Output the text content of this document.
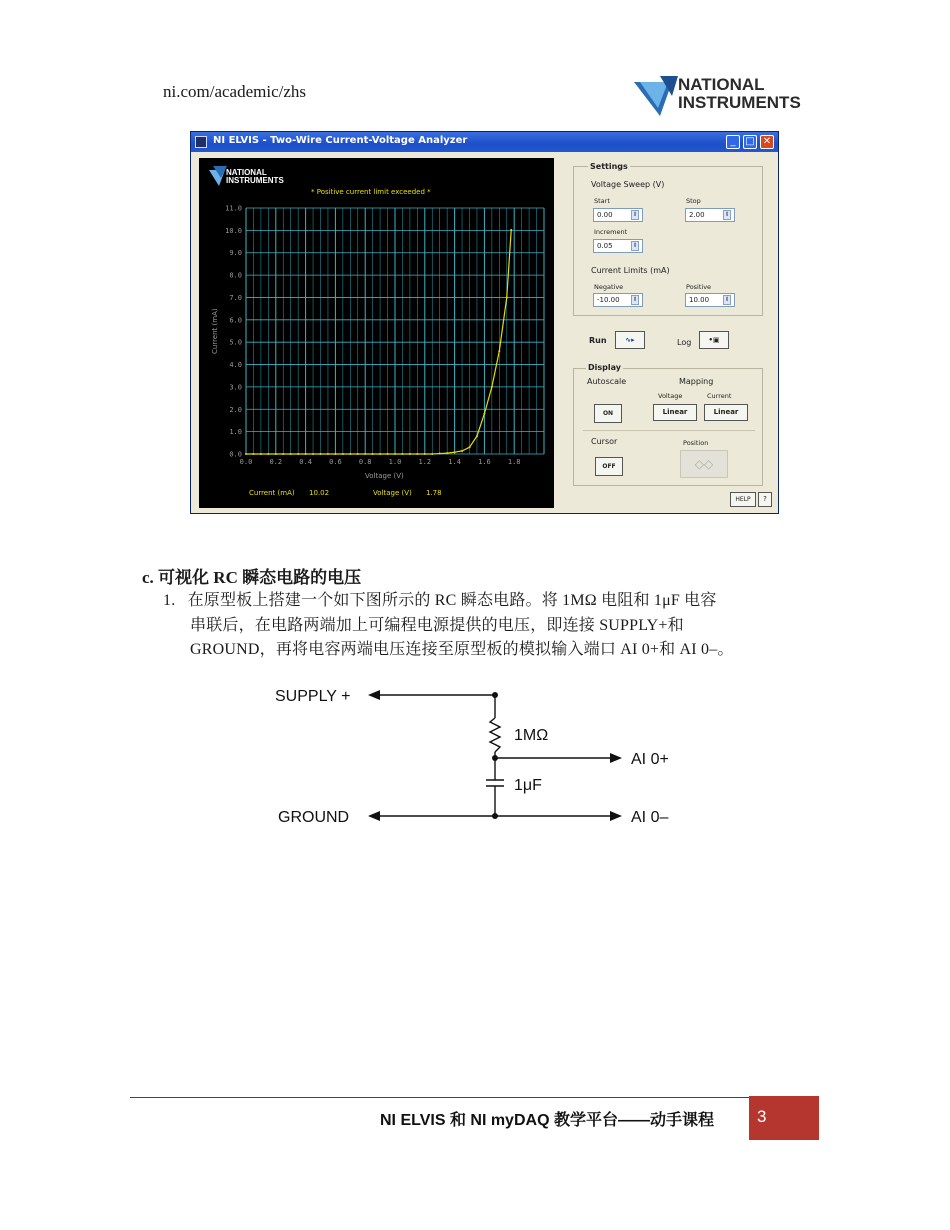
ni.com/academic/zhs	NATIONAL
INSTRUMENTS
NI ELVIS - Two-Wire Current-Voltage Analyzer	_ □ ✕
NATIONAL
INSTRUMENTS
* Positive current limit exceeded *
0.0
1.0
2.0
3.0
4.0
5.0
6.0
7.0
8.0
9.0
10.0
11.0
0.0 0.2 0.4 0.6 0.8 1.0 1.2 1.4 1.6 1.8
Voltage (V)
Current (mA)
Current (mA) 10.02	Voltage (V) 1.78
Settings
Voltage Sweep (V)
Start
0.00	⇕
Stop
2.00	⇕
Increment
0.05	⇕
Current Limits (mA)
Negative
-10.00	⇕
Positive
10.00	⇕
Run	∿▸	Log	•▣
Display
Autoscale	Mapping
Voltage	Current
ON	Linear	Linear
Cursor	Position
OFF	◇◇
HELP	?
c. 可视化 RC 瞬态电路的电压
1. 在原型板上搭建一个如下图所示的 RC 瞬态电路。将 1MΩ 电阻和 1μF 电容
串联后，在电路两端加上可编程电源提供的电压，即连接 SUPPLY+和
GROUND，再将电容两端电压连接至原型板的模拟输入端口 AI 0+和 AI 0–。
SUPPLY +
GROUND
1MΩ
1μF
AI 0+
AI 0–
NI ELVIS 和 NI myDAQ 教学平台——动手课程	3
